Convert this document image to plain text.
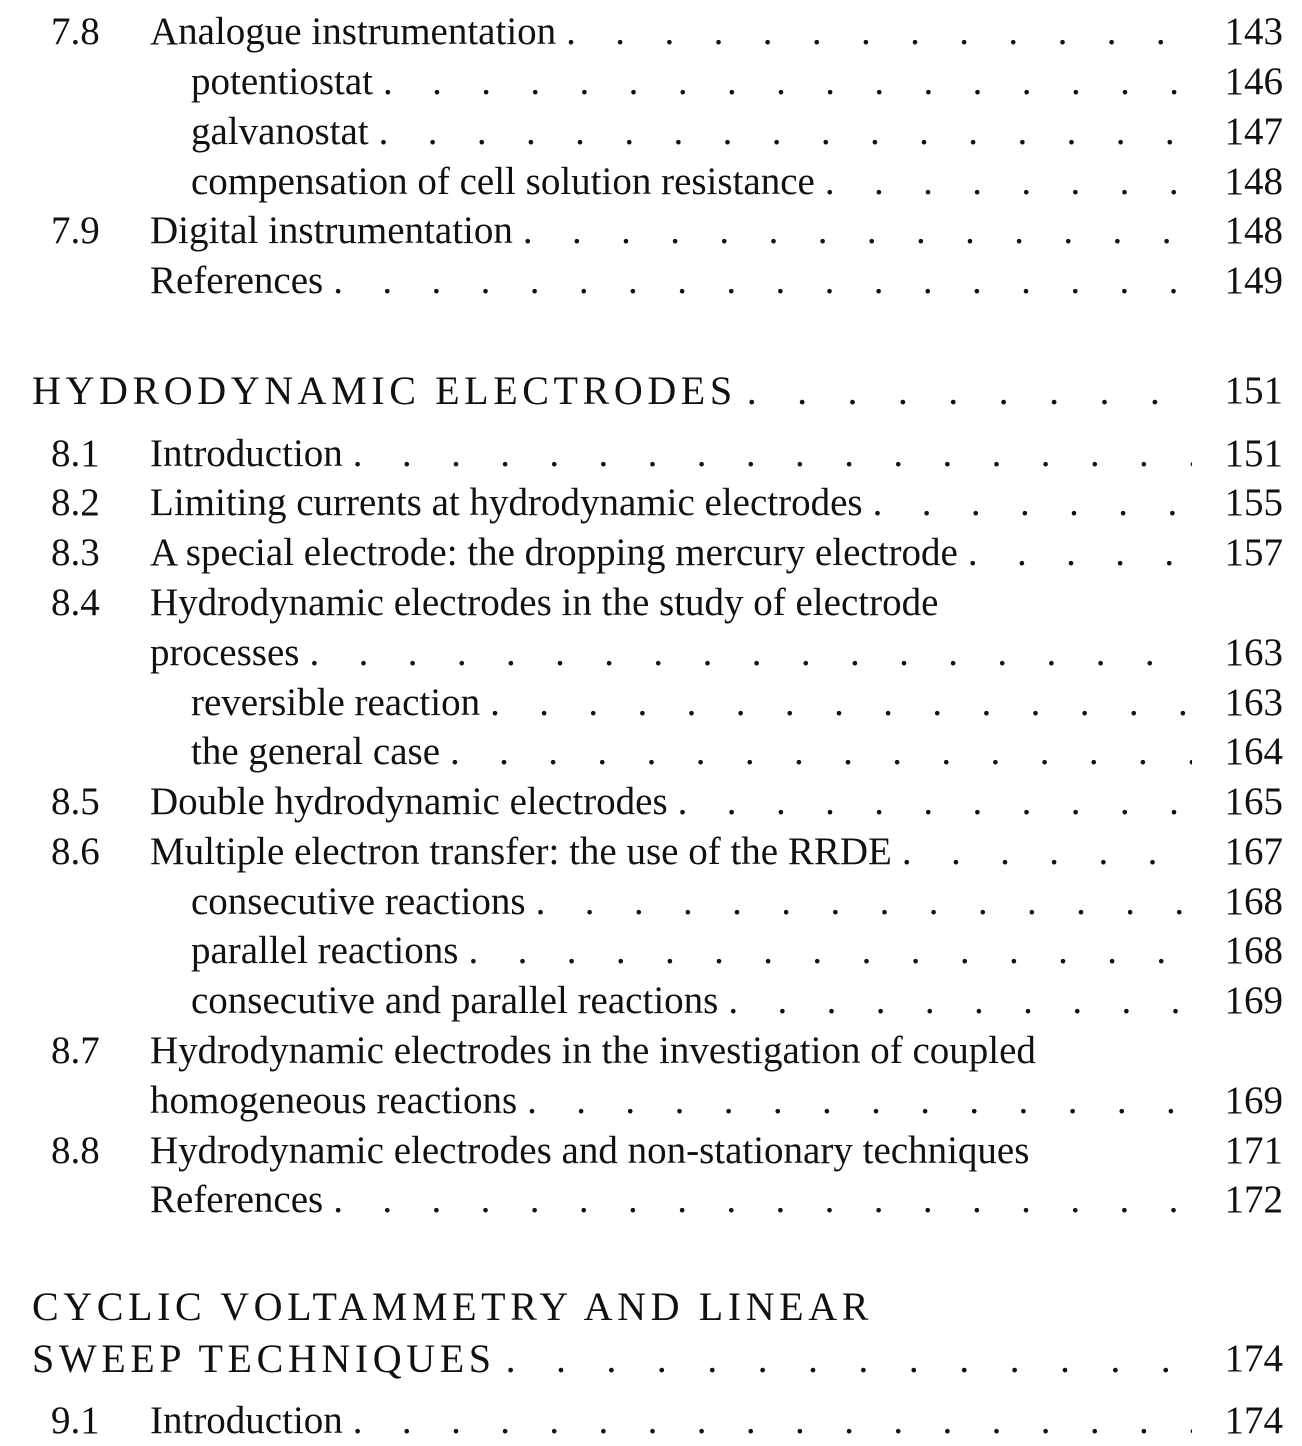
7.8 Analogue instrumentation . . .	143
potentiostat . . .	146
galvanostat . . .	147
compensation of cell solution resistance . . .	148
7.9 Digital instrumentation . . .	148
References . . .	149
HYDRODYNAMIC ELECTRODES . . .	151
8.1 Introduction . . .	151
8.2 Limiting currents at hydrodynamic electrodes . . .	155
8.3 A special electrode: the dropping mercury electrode . . .	157
8.4 Hydrodynamic electrodes in the study of electrode
processes . . .	163
reversible reaction . . .	163
the general case . . .	164
8.5 Double hydrodynamic electrodes . . .	165
8.6 Multiple electron transfer: the use of the RRDE . . .	167
consecutive reactions . . .	168
parallel reactions . . .	168
consecutive and parallel reactions . . .	169
8.7 Hydrodynamic electrodes in the investigation of coupled
homogeneous reactions . . .	169
8.8 Hydrodynamic electrodes and non-stationary techniques	171
References . . .	172
CYCLIC VOLTAMMETRY AND LINEAR
SWEEP TECHNIQUES . . .	174
9.1 Introduction . . .	174
